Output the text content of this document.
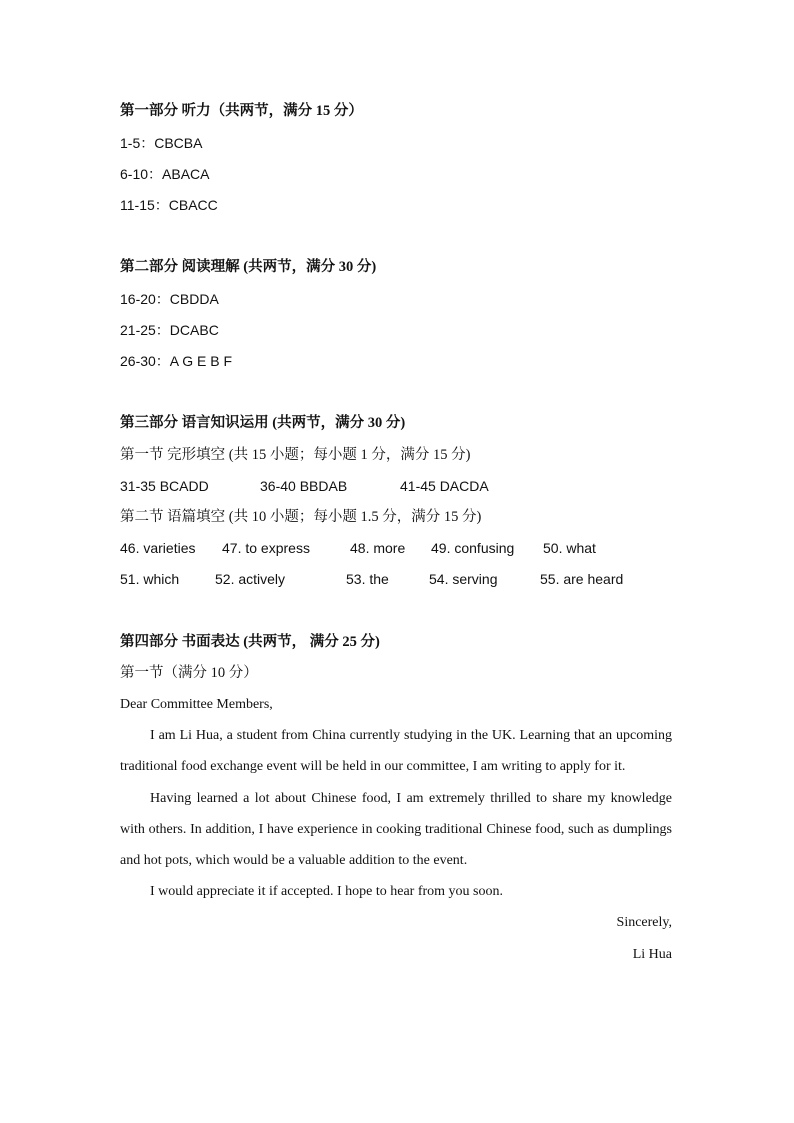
第一部分 听力（共两节，满分 15 分）
1-5：CBCBA
6-10：ABACA
11-15：CBACC
第二部分 阅读理解 (共两节，满分 30 分)
16-20：CBDDA
21-25：DCABC
26-30：A G E B F
第三部分 语言知识运用 (共两节，满分 30 分)
第一节 完形填空 (共 15 小题；每小题 1 分，满分 15 分)
31-35 BCADD	36-40 BBDAB	41-45 DACDA
第二节 语篇填空 (共 10 小题；每小题 1.5 分，满分 15 分)
46. varieties 47. to express	48. more 49. confusing 50. what
51. which	52. actively	53. the	54. serving	55. are heard
第四部分 书面表达 (共两节， 满分 25 分)
第一节（满分 10 分）

Dear Committee Members,

I am Li Hua, a student from China currently studying in the UK. Learning that an upcoming traditional food exchange event will be held in our committee, I am writing to apply for it.

Having learned a lot about Chinese food, I am extremely thrilled to share my knowledge with others. In addition, I have experience in cooking traditional Chinese food, such as dumplings and hot pots, which would be a valuable addition to the event.

I would appreciate it if accepted. I hope to hear from you soon.

Sincerely,

Li Hua
